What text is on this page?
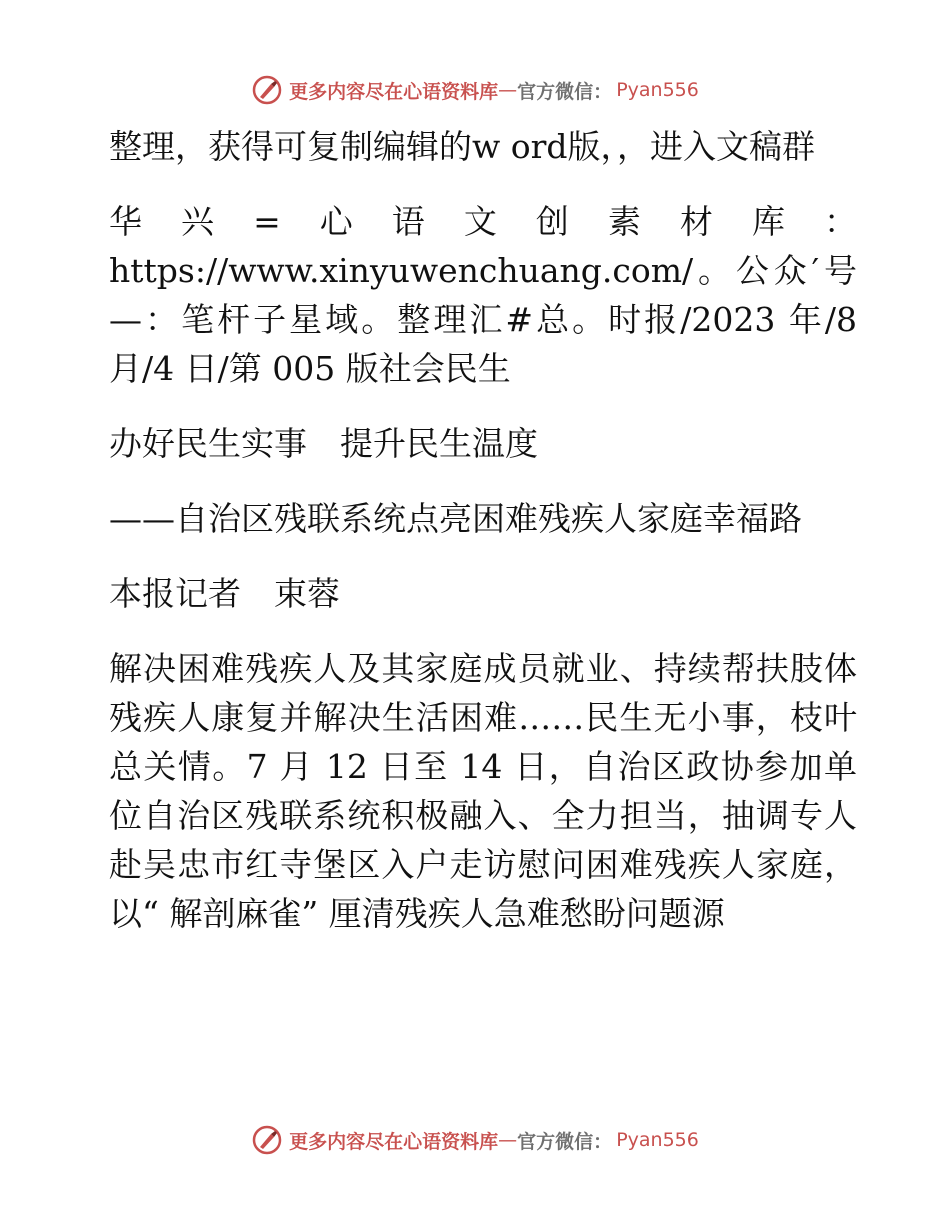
更多内容尽在心语资料库 — 官方微信： Pyan556

整理，获得可复制编辑的w ord版，，进入文稿群

华兴=心语文创素材库：https://www.xinyuwenchuang.com/。公众′号—：笔杆子星域。整理汇#总。时报/2023 年/8 月/4 日/第 005 版社会民生

办好民生实事　提升民生温度

——自治区残联系统点亮困难残疾人家庭幸福路

本报记者　束蓉

解决困难残疾人及其家庭成员就业、持续帮扶肢体残疾人康复并解决生活困难……民生无小事，枝叶总关情。7 月 12 日至 14 日，自治区政协参加单位自治区残联系统积极融入、全力担当，抽调专人赴吴忠市红寺堡区入户走访慰问困难残疾人家庭，以“ 解剖麻雀” 厘清残疾人急难愁盼问题源

更多内容尽在心语资料库 — 官方微信： Pyan556
